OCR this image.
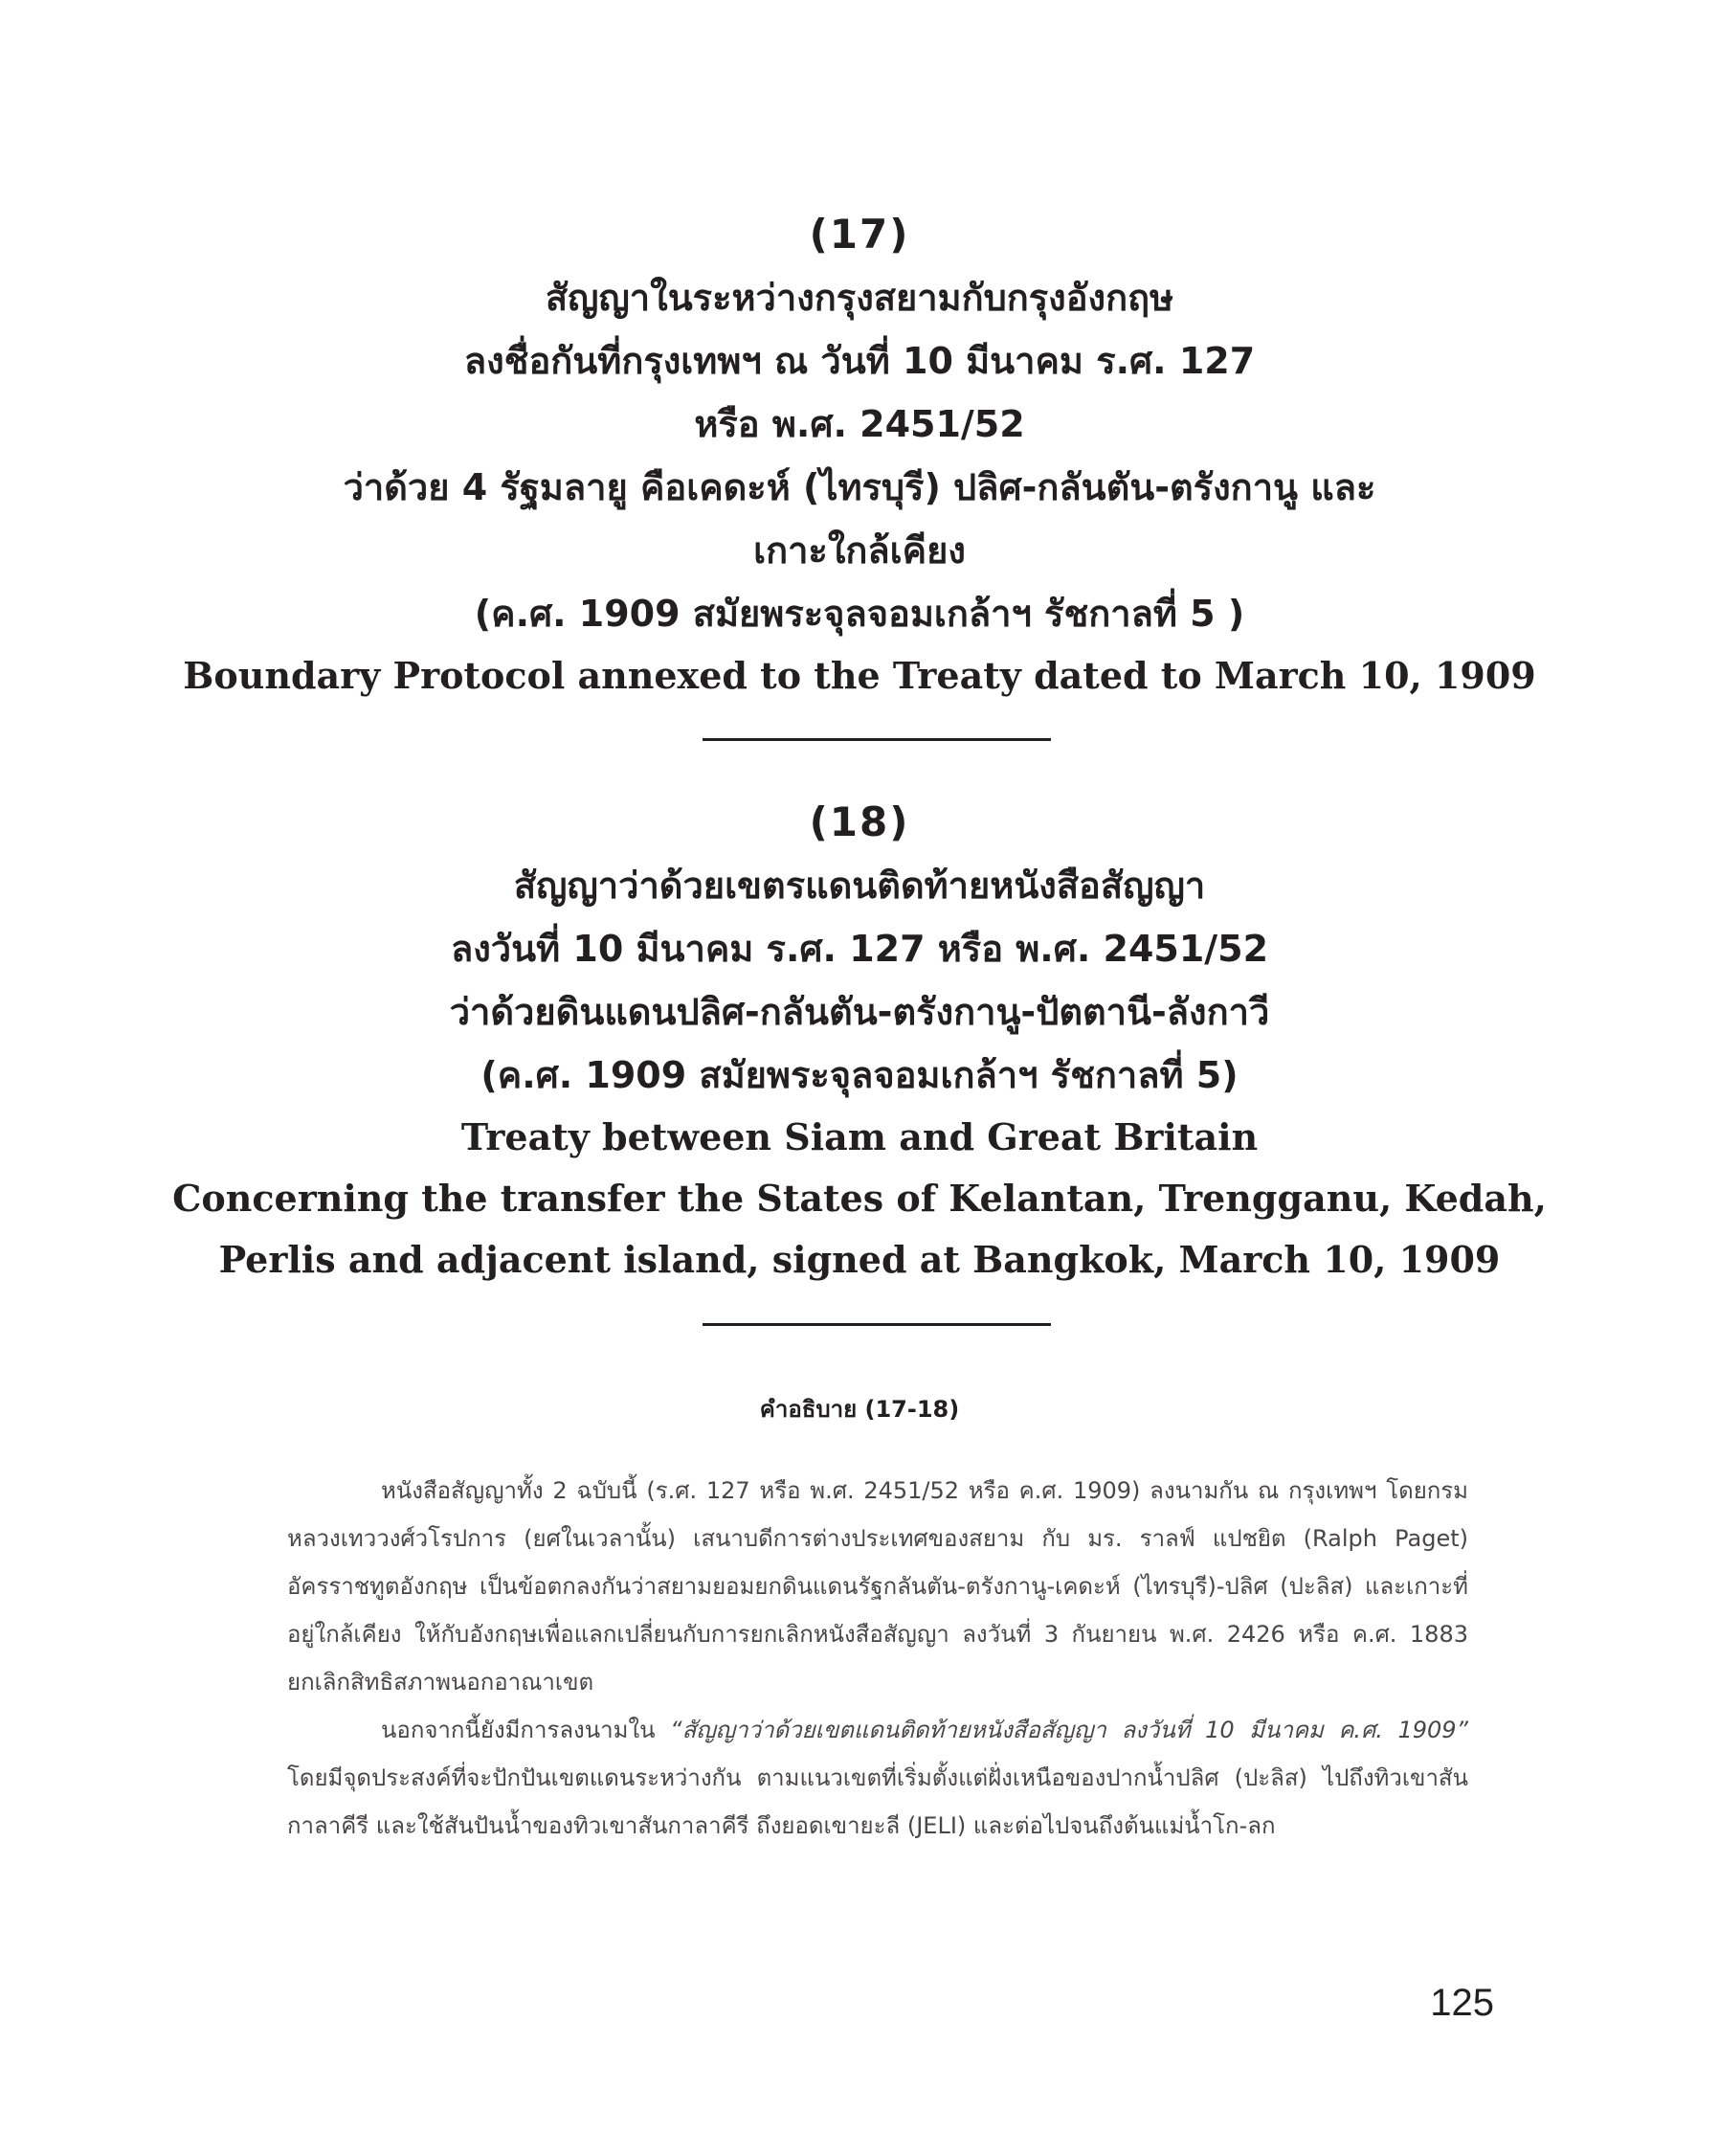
(17)
สัญญาในระหว่างกรุงสยามกับกรุงอังกฤษ
ลงชื่อกันที่กรุงเทพฯ ณ วันที่ 10 มีนาคม ร.ศ. 127
หรือ พ.ศ. 2451/52
ว่าด้วย 4 รัฐมลายู คือเคดะห์ (ไทรบุรี) ปลิศ-กลันตัน-ตรังกานู และ
เกาะใกล้เคียง
(ค.ศ. 1909 สมัยพระจุลจอมเกล้าฯ รัชกาลที่ 5 )
Boundary Protocol annexed to the Treaty dated to March 10, 1909
(18)
สัญญาว่าด้วยเขตรแดนติดท้ายหนังสือสัญญา
ลงวันที่ 10 มีนาคม ร.ศ. 127 หรือ พ.ศ. 2451/52
ว่าด้วยดินแดนปลิศ-กลันตัน-ตรังกานู-ปัตตานี-ลังกาวี
(ค.ศ. 1909 สมัยพระจุลจอมเกล้าฯ รัชกาลที่ 5)
Treaty between Siam and Great Britain
Concerning the transfer the States of Kelantan, Trengganu, Kedah,
Perlis and adjacent island, signed at Bangkok, March 10, 1909
คำอธิบาย (17-18)

หนังสือสัญญาทั้ง 2 ฉบับนี้ (ร.ศ. 127 หรือ พ.ศ. 2451/52 หรือ ค.ศ. 1909) ลงนามกัน ณ กรุงเทพฯ โดยกรมหลวงเทววงศ์วโรปการ (ยศในเวลานั้น) เสนาบดีการต่างประเทศของสยาม กับ มร. ราลฟ์ แปชยิต (Ralph Paget) อัครราชทูตอังกฤษ เป็นข้อตกลงกันว่าสยามยอมยกดินแดนรัฐกลันตัน-ตรังกานู-เคดะห์ (ไทรบุรี)-ปลิศ (ปะลิส) และเกาะที่อยู่ใกล้เคียง ให้กับอังกฤษเพื่อแลกเปลี่ยนกับการยกเลิกหนังสือสัญญา ลงวันที่ 3 กันยายน พ.ศ. 2426 หรือ ค.ศ. 1883 ยกเลิกสิทธิสภาพนอกอาณาเขต

นอกจากนี้ยังมีการลงนามใน “สัญญาว่าด้วยเขตแดนติดท้ายหนังสือสัญญา ลงวันที่ 10 มีนาคม ค.ศ. 1909” โดยมีจุดประสงค์ที่จะปักปันเขตแดนระหว่างกัน ตามแนวเขตที่เริ่มตั้งแต่ฝั่งเหนือของปากน้ำปลิศ (ปะลิส) ไปถึงทิวเขาสันกาลาคีรี และใช้สันปันน้ำของทิวเขาสันกาลาคีรี ถึงยอดเขายะลี (JELI) และต่อไปจนถึงต้นแม่น้ำโก-ลก

125
